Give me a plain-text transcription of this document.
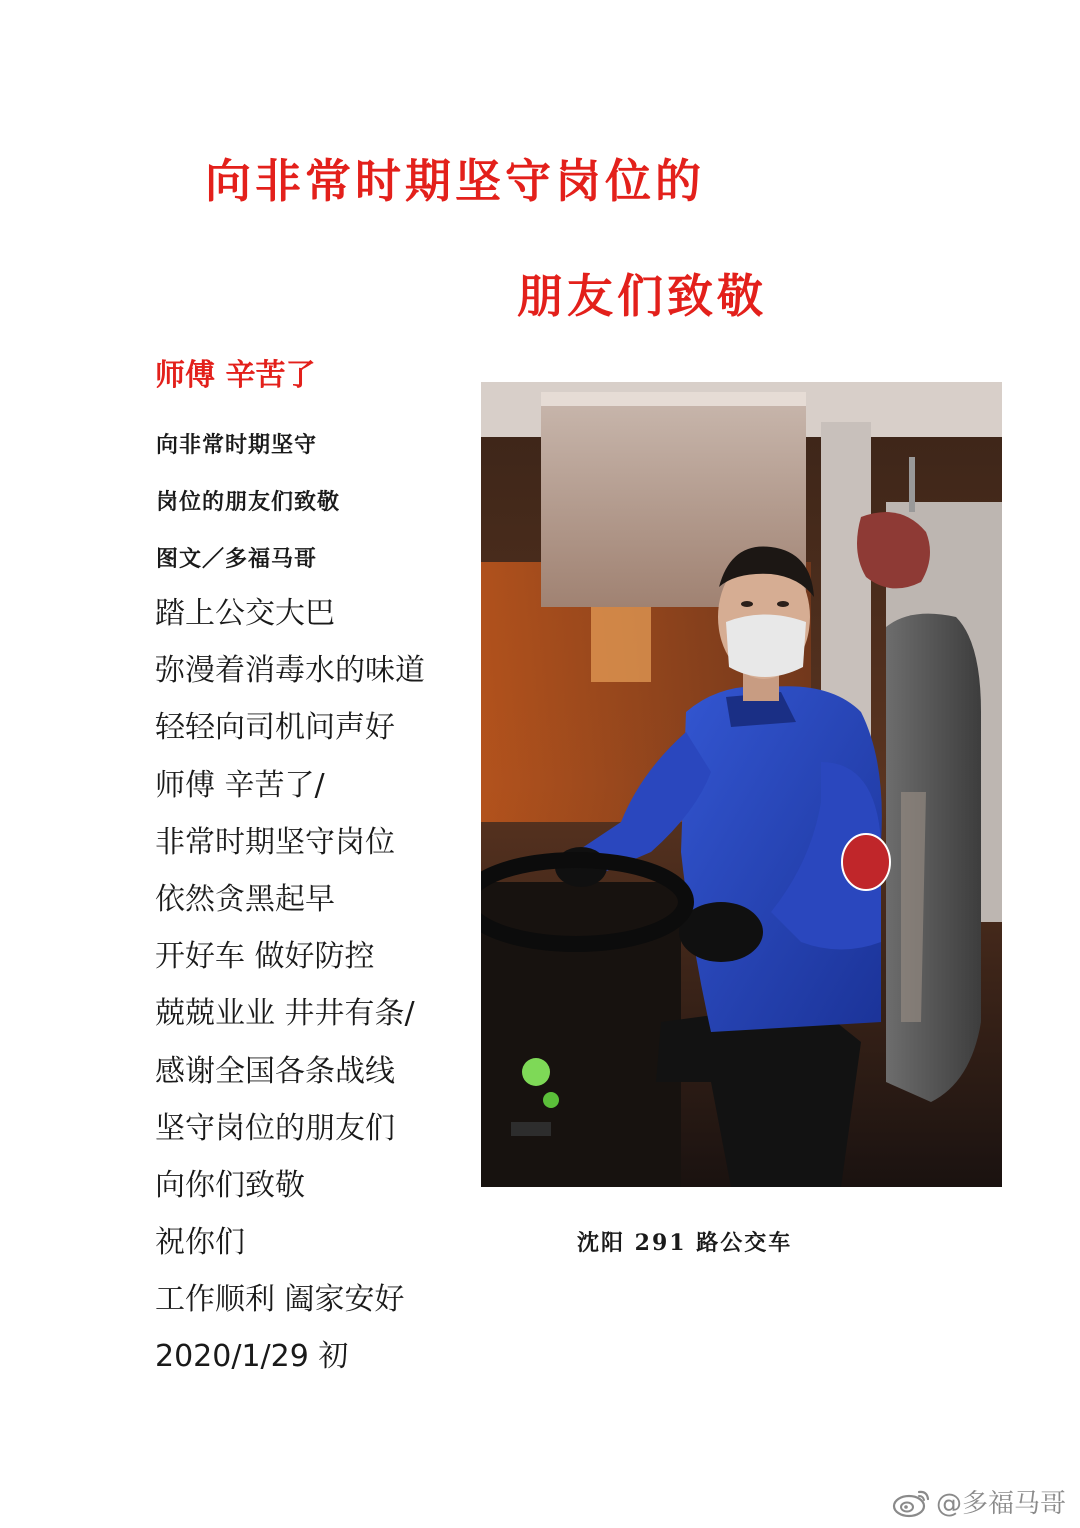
向非常时期坚守岗位的
朋友们致敬
师傅 辛苦了
向非常时期坚守
岗位的朋友们致敬
图文／多福马哥
踏上公交大巴
弥漫着消毒水的味道
轻轻向司机问声好
师傅 辛苦了/
非常时期坚守岗位
依然贪黑起早
开好车 做好防控
兢兢业业 井井有条/
感谢全国各条战线
坚守岗位的朋友们
向你们致敬
祝你们
工作顺利 阖家安好
2020/1/29 初
沈阳 291 路公交车
@多福马哥
